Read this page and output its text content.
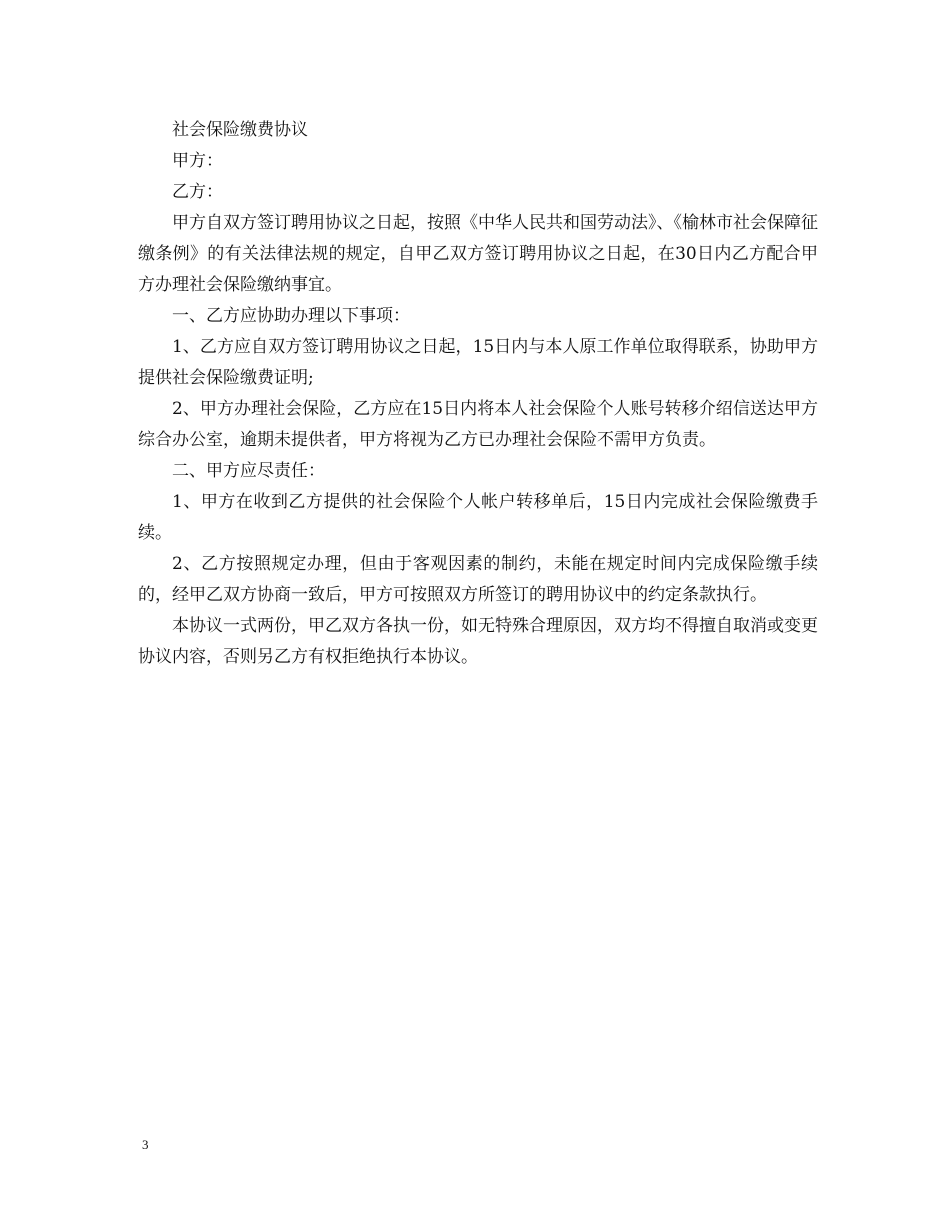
社会保险缴费协议

甲方：

乙方：

甲方自双方签订聘用协议之日起，按照《中华人民共和国劳动法》、《榆林市社会保障征缴条例》的有关法律法规的规定，自甲乙双方签订聘用协议之日起，在30日内乙方配合甲方办理社会保险缴纳事宜。

一、乙方应协助办理以下事项：

1、乙方应自双方签订聘用协议之日起，15日内与本人原工作单位取得联系，协助甲方提供社会保险缴费证明;

2、甲方办理社会保险，乙方应在15日内将本人社会保险个人账号转移介绍信送达甲方综合办公室，逾期未提供者，甲方将视为乙方已办理社会保险不需甲方负责。

二、甲方应尽责任：

1、甲方在收到乙方提供的社会保险个人帐户转移单后，15日内完成社会保险缴费手续。

2、乙方按照规定办理，但由于客观因素的制约，未能在规定时间内完成保险缴手续的，经甲乙双方协商一致后，甲方可按照双方所签订的聘用协议中的约定条款执行。

本协议一式两份，甲乙双方各执一份，如无特殊合理原因，双方均不得擅自取消或变更协议内容，否则另乙方有权拒绝执行本协议。

3
